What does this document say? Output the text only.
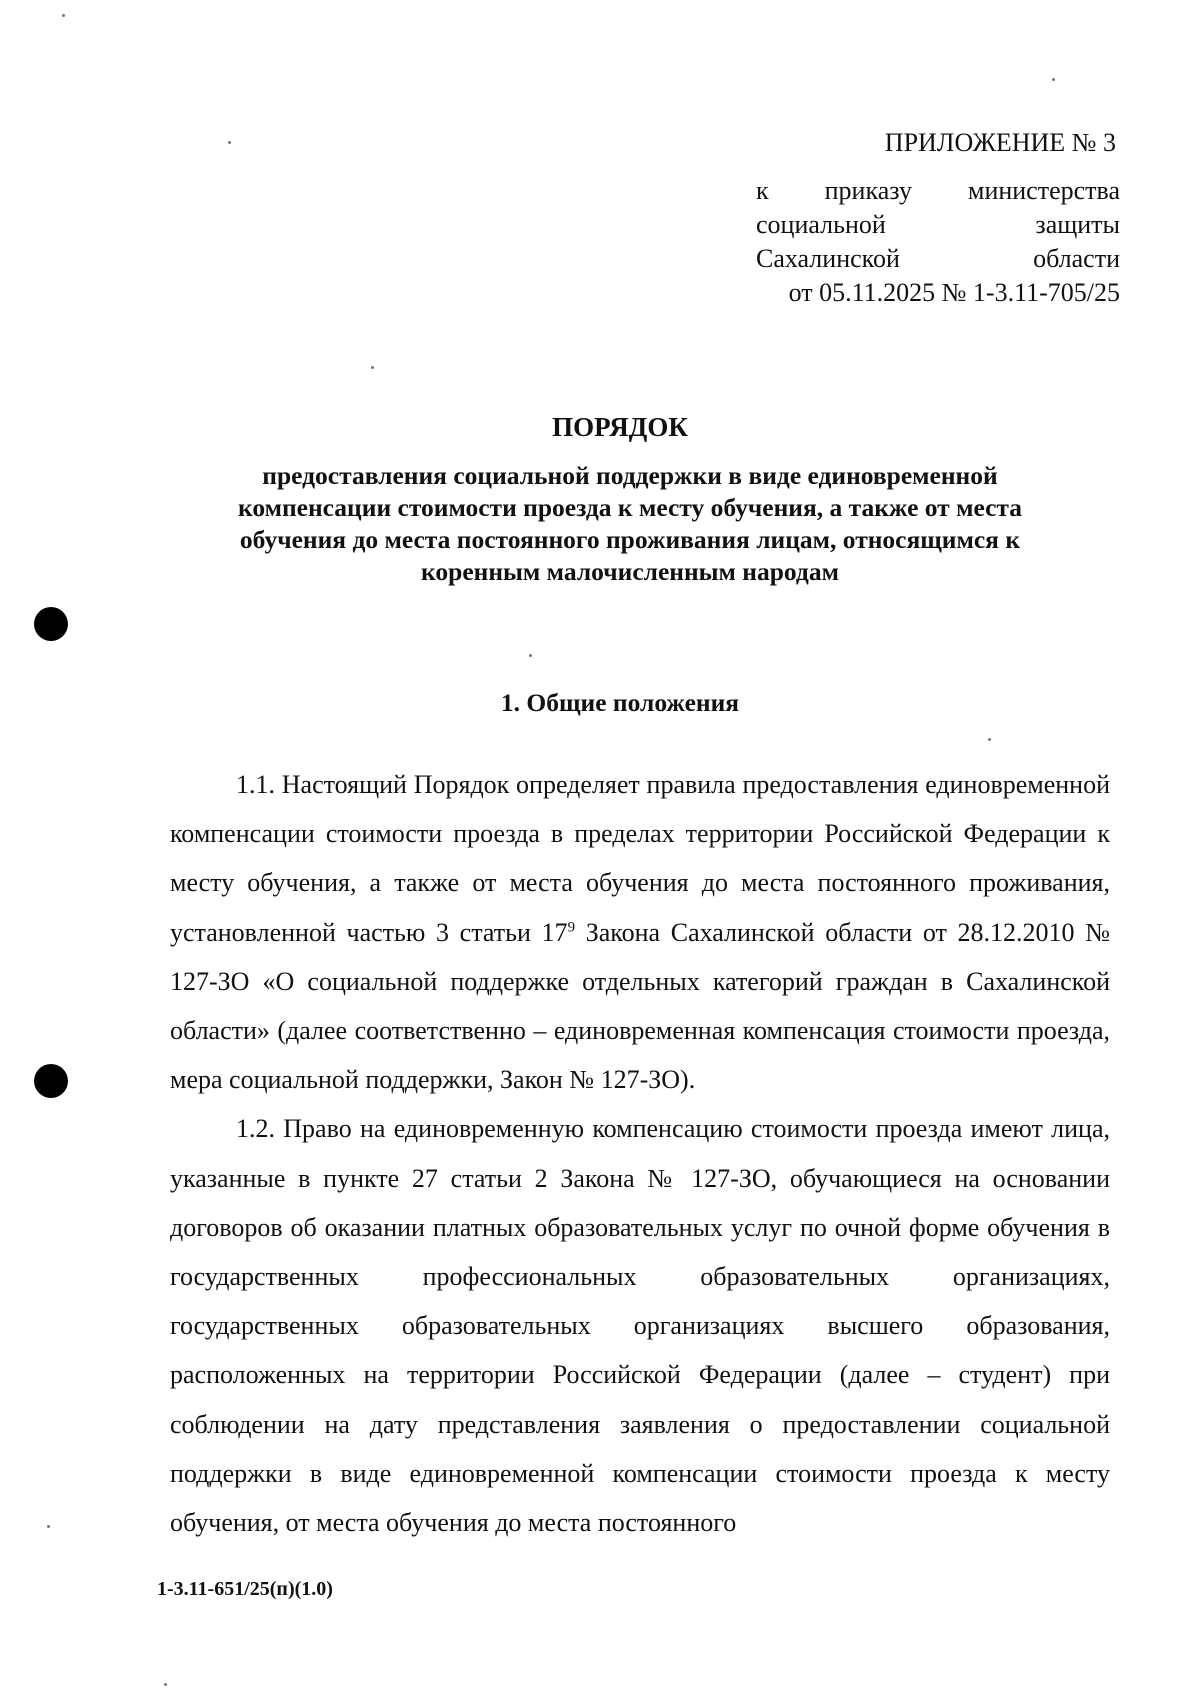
ПРИЛОЖЕНИЕ № 3
к приказу министерства
социальной	защиты
Сахалинской	области
от 05.11.2025 № 1-3.11-705/25
ПОРЯДОК
предоставления социальной поддержки в виде единовременной компенсации стоимости проезда к месту обучения, а также от места обучения до места постоянного проживания лицам, относящимся к коренным малочисленным народам
1. Общие положения

1.1. Настоящий Порядок определяет правила предоставления единовременной компенсации стоимости проезда в пределах территории Российской Федерации к месту обучения, а также от места обучения до места постоянного проживания, установленной частью 3 статьи $17^9$ Закона Сахалинской области от 28.12.2010 № 127-ЗО «О социальной поддержке отдельных категорий граждан в Сахалинской области» (далее соответственно – единовременная компенсация стоимости проезда, мера социальной поддержки, Закон № 127-ЗО).

1.2. Право на единовременную компенсацию стоимости проезда имеют лица, указанные в пункте 27 статьи 2 Закона № 127-ЗО, обучающиеся на основании договоров об оказании платных образовательных услуг по очной форме обучения в государственных профессиональных образовательных организациях, государственных образовательных организациях высшего образования, расположенных на территории Российской Федерации (далее – студент) при соблюдении на дату представления заявления о предоставлении социальной поддержки в виде единовременной компенсации стоимости проезда к месту обучения, от места обучения до места постоянного

1-3.11-651/25(п)(1.0)
